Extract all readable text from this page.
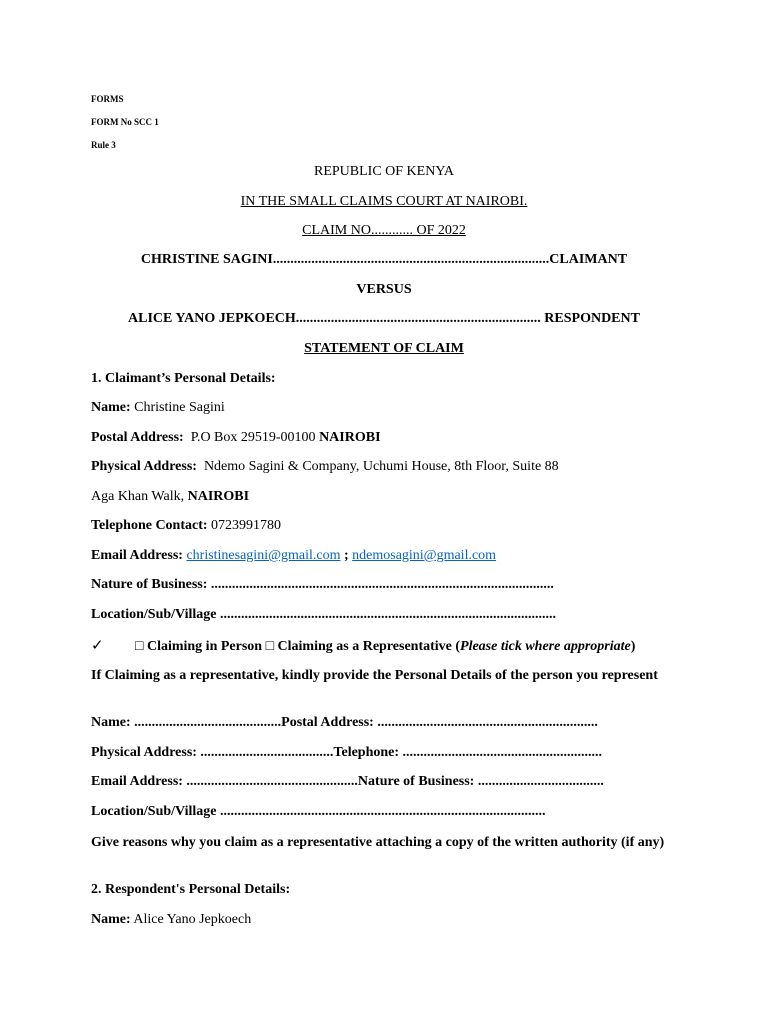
FORMS
FORM No SCC 1
Rule 3
REPUBLIC OF KENYA
IN THE SMALL CLAIMS COURT AT NAIROBI.
CLAIM NO............ OF 2022
CHRISTINE SAGINI...............................................................................CLAIMANT
VERSUS
ALICE YANO JEPKOECH...................................................................... RESPONDENT
STATEMENT OF CLAIM
1. Claimant’s Personal Details:
Name: Christine Sagini
Postal Address:  P.O Box 29519-00100 NAIROBI
Physical Address:  Ndemo Sagini & Company, Uchumi House, 8th Floor, Suite 88
Aga Khan Walk, NAIROBI
Telephone Contact: 0723991780
Email Address: christinesagini@gmail.com ; ndemosagini@gmail.com
Nature of Business: ..................................................................................................
Location/Sub/Village ................................................................................................
✓ □ Claiming in Person □ Claiming as a Representative (Please tick where appropriate)
If Claiming as a representative, kindly provide the Personal Details of the person you represent
Name: ..........................................Postal Address: ...............................................................
Physical Address: ......................................Telephone: .........................................................
Email Address: .................................................Nature of Business: ....................................
Location/Sub/Village .............................................................................................
Give reasons why you claim as a representative attaching a copy of the written authority (if any)
2. Respondent's Personal Details:
Name: Alice Yano Jepkoech
